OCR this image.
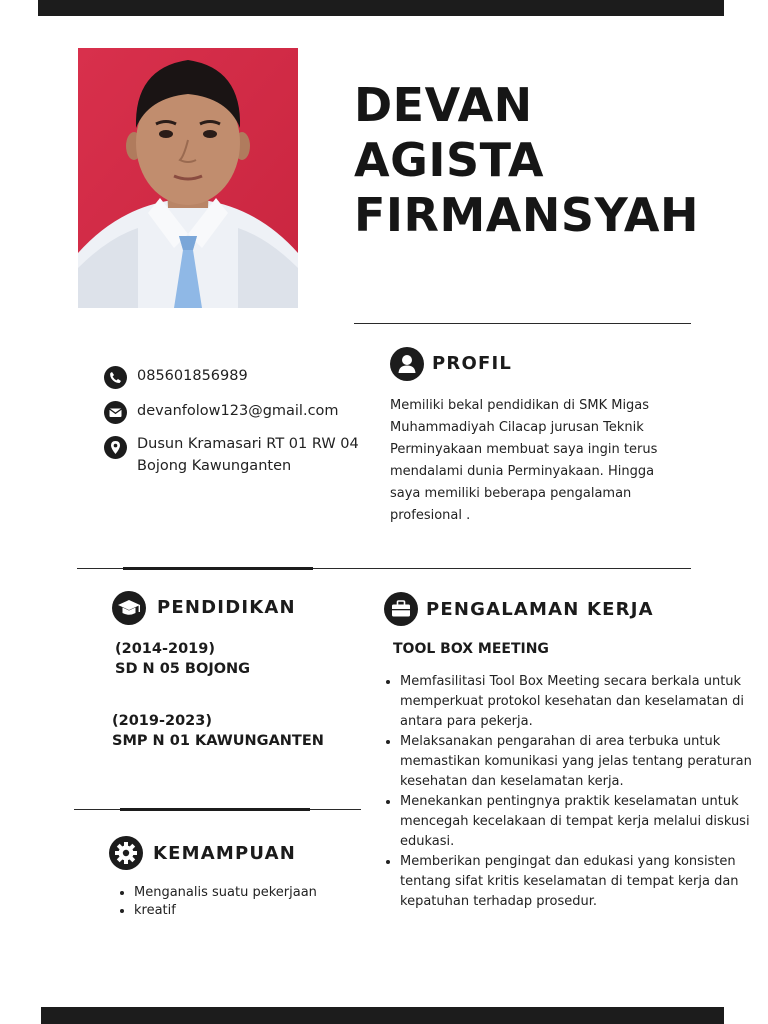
DEVAN
AGISTA
FIRMANSYAH
085601856989
devanfolow123@gmail.com
Dusun Kramasari RT 01 RW 04
Bojong Kawunganten
PROFIL

Memiliki bekal pendidikan di SMK Migas Muhammadiyah Cilacap jurusan Teknik Perminyakaan membuat saya ingin terus mendalami dunia Perminyakaan. Hingga saya memiliki beberapa pengalaman profesional .

PENDIDIKAN
(2014-2019)
SD N 05 BOJONG
(2019-2023)
SMP N 01 KAWUNGANTEN
PENGALAMAN KERJA
TOOL BOX MEETING
• Memfasilitasi Tool Box Meeting secara berkala untuk memperkuat protokol kesehatan dan keselamatan di antara para pekerja.
• Melaksanakan pengarahan di area terbuka untuk memastikan komunikasi yang jelas tentang peraturan kesehatan dan keselamatan kerja.
• Menekankan pentingnya praktik keselamatan untuk mencegah kecelakaan di tempat kerja melalui diskusi edukasi.
• Memberikan pengingat dan edukasi yang konsisten tentang sifat kritis keselamatan di tempat kerja dan kepatuhan terhadap prosedur.
KEMAMPUAN
• Menganalis suatu pekerjaan
• kreatif
